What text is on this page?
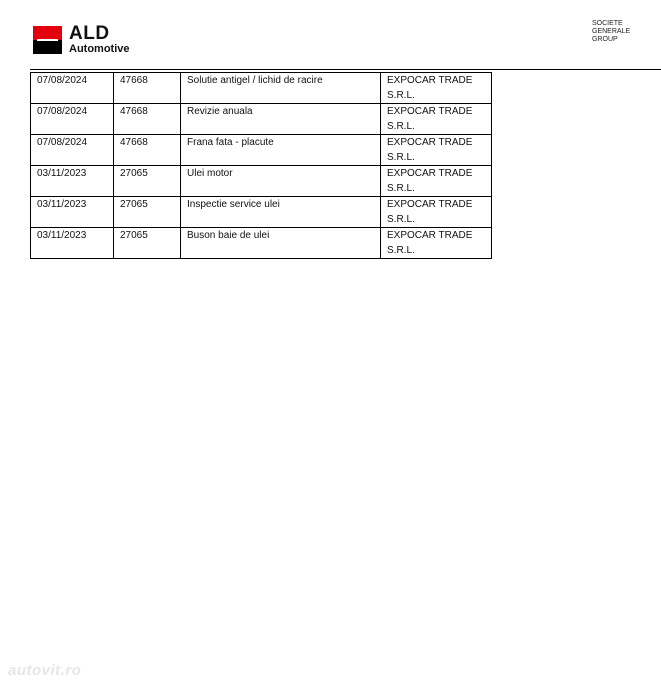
ALD
Automotive
SOCIETE
GENERALE
GROUP
07/08/2024	47668	Solutie antigel / lichid de racire	EXPOCAR TRADE
S.R.L.
07/08/2024	47668	Revizie anuala	EXPOCAR TRADE
S.R.L.
07/08/2024	47668	Frana fata - placute	EXPOCAR TRADE
S.R.L.
03/11/2023	27065	Ulei motor	EXPOCAR TRADE
S.R.L.
03/11/2023	27065	Inspectie service ulei	EXPOCAR TRADE
S.R.L.
03/11/2023	27065	Buson baie de ulei	EXPOCAR TRADE
S.R.L.
autovit.ro
